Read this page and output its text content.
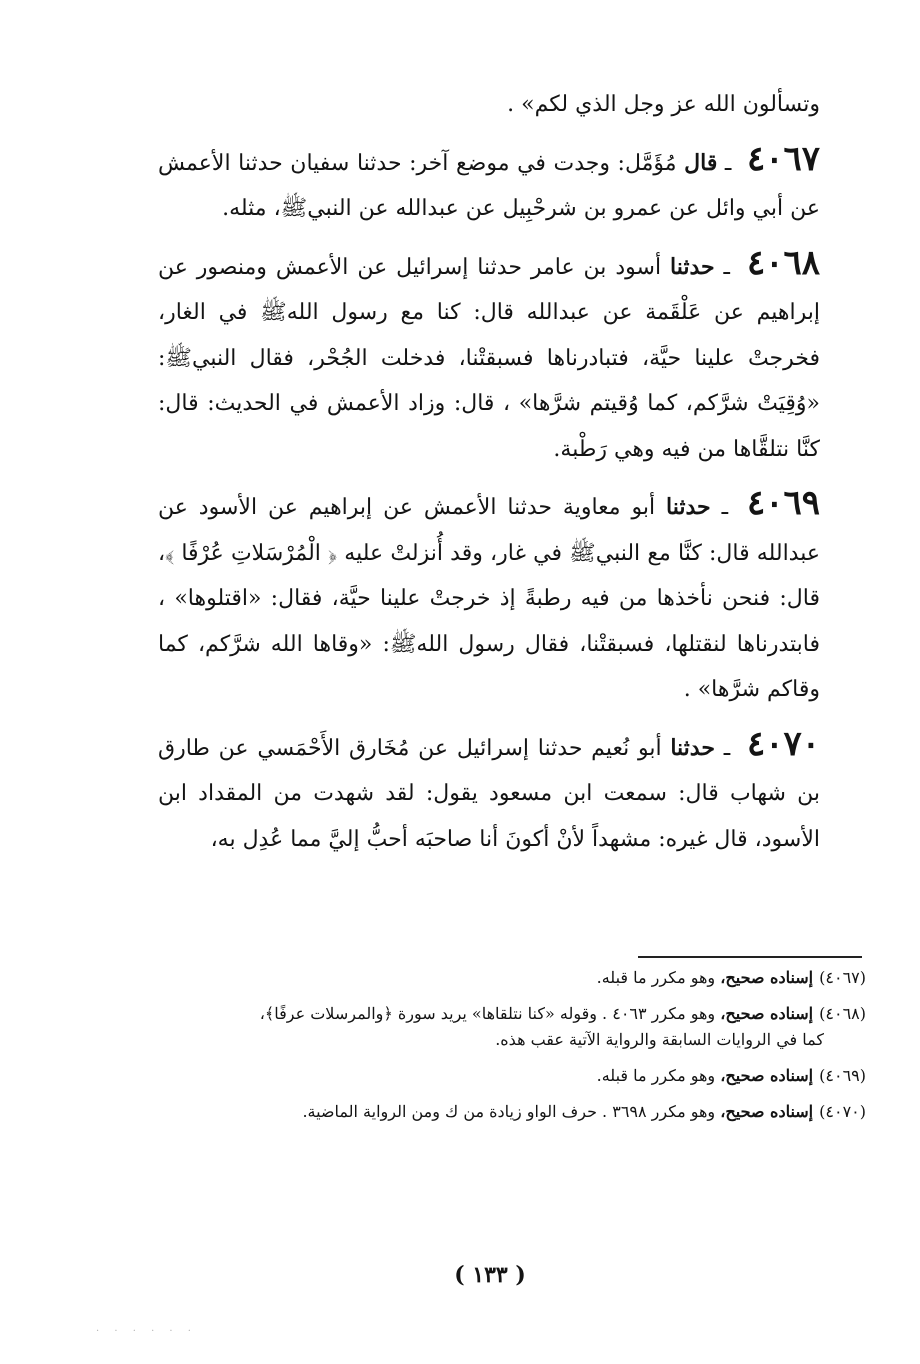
وتسألون الله عز وجل الذي لكم» .

٤٠٦٧ ـ قال مُؤَمَّل: وجدت في موضع آخر: حدثنا سفيان حدثنا الأعمش عن أبي وائل عن عمرو بن شرحْبِيل عن عبدالله عن النبيﷺ، مثله.

٤٠٦٨ ـ حدثنا أسود بن عامر حدثنا إسرائيل عن الأعمش ومنصور عن إبراهيم عن عَلْقَمة عن عبدالله قال: كنا مع رسول اللهﷺ في الغار، فخرجتْ علينا حيَّة، فتبادرناها فسبقتْنا، فدخلت الجُحْر، فقال النبيﷺ: «وُقِيَتْ شرَّكم، كما وُقيتم شرَّها» ، قال: وزاد الأعمش في الحديث: قال: كنَّا نتلقَّاها من فيه وهي رَطْبة.

٤٠٦٩ ـ حدثنا أبو معاوية حدثنا الأعمش عن إبراهيم عن الأسود عن عبدالله قال: كنَّا مع النبيﷺ في غار، وقد أُنزلتْ عليه ﴿ الْمُرْسَلاتِ عُرْفًا ﴾، قال: فنحن نأخذها من فيه رطبةً إذ خرجتْ علينا حيَّة، فقال: «اقتلوها» ، فابتدرناها لنقتلها، فسبقتْنا، فقال رسول اللهﷺ: «وقاها الله شرَّكم، كما وقاكم شرَّها» .

٤٠٧٠ ـ حدثنا أبو نُعيم حدثنا إسرائيل عن مُخَارق الأَحْمَسي عن طارق بن شهاب قال: سمعت ابن مسعود يقول: لقد شهدت من المقداد ابن الأسود، قال غيره: مشهداً لأنْ أكونَ أنا صاحبَه أحبُّ إليَّ مما عُدِل به،

(٤٠٦٧)إسناده صحيح، وهو مكرر ما قبله.

(٤٠٦٨)إسناده صحيح، وهو مكرر ٤٠٦٣ . وقوله «كنا نتلقاها» يريد سورة ﴿والمرسلات عرفًا﴾،

كما في الروايات السابقة والرواية الآتية عقب هذه.

(٤٠٦٩)إسناده صحيح، وهو مكرر ما قبله.

(٤٠٧٠)إسناده صحيح، وهو مكرر ٣٦٩٨ . حرف الواو زيادة من ك ومن الرواية الماضية.

( ١٣٣ )
· · · · · ·
